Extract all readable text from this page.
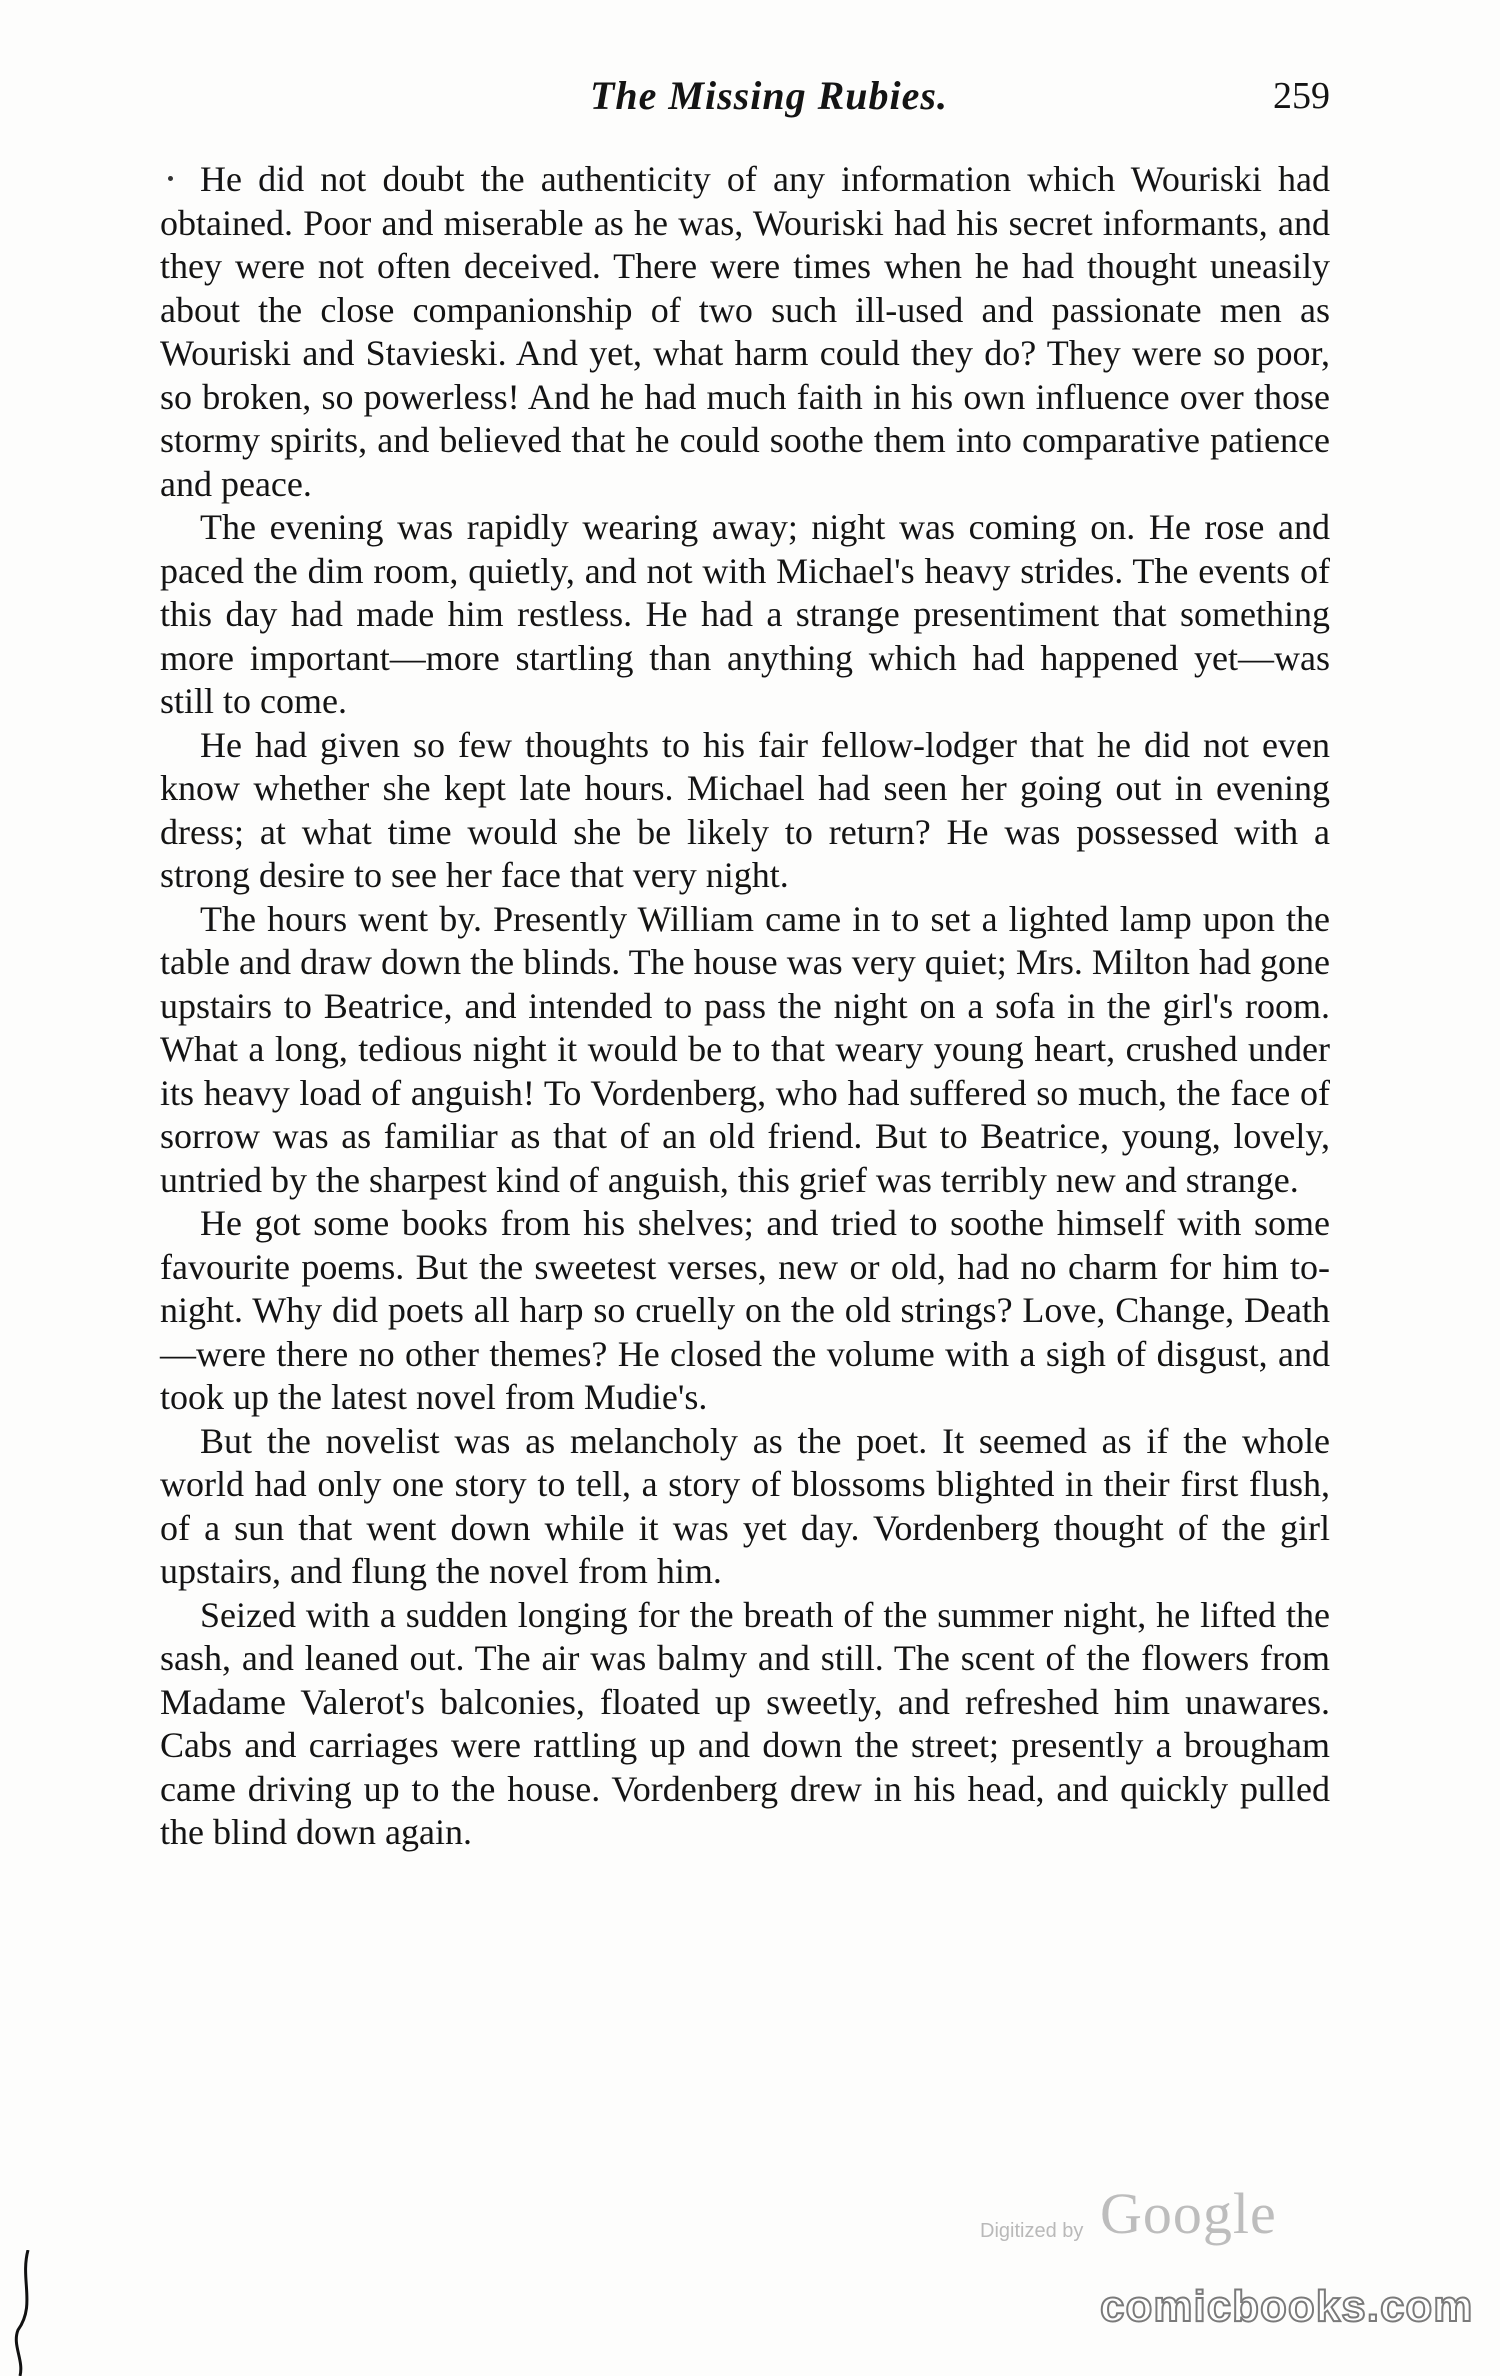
The Missing Rubies.	259

He did not doubt the authenticity of any information which Wouriski had obtained. Poor and miserable as he was, Wouriski had his secret informants, and they were not often deceived. There were times when he had thought uneasily about the close companionship of two such ill-used and passionate men as Wouriski and Stavieski. And yet, what harm could they do? They were so poor, so broken, so powerless! And he had much faith in his own influence over those stormy spirits, and believed that he could soothe them into comparative patience and peace.

The evening was rapidly wearing away; night was coming on. He rose and paced the dim room, quietly, and not with Michael's heavy strides. The events of this day had made him restless. He had a strange presentiment that something more important—more startling than anything which had happened yet—was still to come.

He had given so few thoughts to his fair fellow-lodger that he did not even know whether she kept late hours. Michael had seen her going out in evening dress; at what time would she be likely to return? He was possessed with a strong desire to see her face that very night.

The hours went by. Presently William came in to set a lighted lamp upon the table and draw down the blinds. The house was very quiet; Mrs. Milton had gone upstairs to Beatrice, and intended to pass the night on a sofa in the girl's room. What a long, tedious night it would be to that weary young heart, crushed under its heavy load of anguish! To Vordenberg, who had suffered so much, the face of sorrow was as familiar as that of an old friend. But to Beatrice, young, lovely, untried by the sharpest kind of anguish, this grief was terribly new and strange.

He got some books from his shelves; and tried to soothe himself with some favourite poems. But the sweetest verses, new or old, had no charm for him to-night. Why did poets all harp so cruelly on the old strings? Love, Change, Death—were there no other themes? He closed the volume with a sigh of disgust, and took up the latest novel from Mudie's.

But the novelist was as melancholy as the poet. It seemed as if the whole world had only one story to tell, a story of blossoms blighted in their first flush, of a sun that went down while it was yet day. Vordenberg thought of the girl upstairs, and flung the novel from him.

Seized with a sudden longing for the breath of the summer night, he lifted the sash, and leaned out. The air was balmy and still. The scent of the flowers from Madame Valerot's balconies, floated up sweetly, and refreshed him unawares. Cabs and carriages were rattling up and down the street; presently a brougham came driving up to the house. Vordenberg drew in his head, and quickly pulled the blind down again.

Digitized by Google
comicbooks.com
